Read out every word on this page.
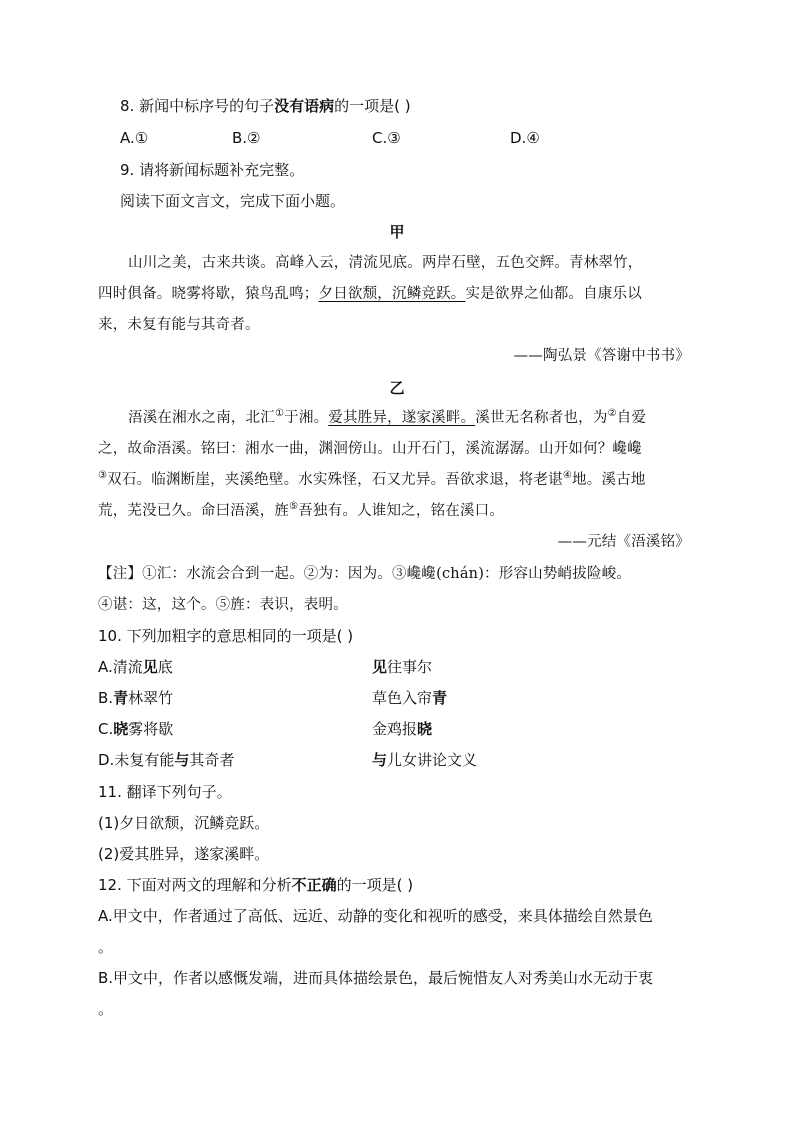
8. 新闻中标序号的句子没有语病的一项是( )
A.①	B.②	C.③	D.④
9. 请将新闻标题补充完整。
阅读下面文言文，完成下面小题。
甲
山川之美，古来共谈。高峰入云，清流见底。两岸石壁，五色交辉。青林翠竹，
四时俱备。晓雾将歇，猿鸟乱鸣；夕日欲颓，沉鳞竞跃。实是欲界之仙都。自康乐以
来，未复有能与其奇者。
——陶弘景《答谢中书书》
乙
浯溪在湘水之南，北汇①于湘。爱其胜异，遂家溪畔。溪世无名称者也，为②自爱
之，故命浯溪。铭曰：湘水一曲，渊洄傍山。山开石门，溪流潺潺。山开如何？巉巉
③双石。临渊断崖，夹溪绝壁。水实殊怪，石又尤异。吾欲求退，将老谌④地。溪古地
荒，芜没已久。命曰浯溪，旌⑤吾独有。人谁知之，铭在溪口。
——元结《浯溪铭》
【注】①汇：水流会合到一起。②为：因为。③巉巉(chán)：形容山势峭拔险峻。
④谌：这，这个。⑤旌：表识，表明。
10. 下列加粗字的意思相同的一项是( )
A.清流见底	见往事尔
B.青林翠竹	草色入帘青
C.晓雾将歇	金鸡报晓
D.未复有能与其奇者	与儿女讲论文义
11. 翻译下列句子。
(1)夕日欲颓，沉鳞竞跃。
(2)爱其胜异，遂家溪畔。
12. 下面对两文的理解和分析不正确的一项是( )
A.甲文中，作者通过了高低、远近、动静的变化和视听的感受，来具体描绘自然景色
。
B.甲文中，作者以感慨发端，进而具体描绘景色，最后惋惜友人对秀美山水无动于衷
。
